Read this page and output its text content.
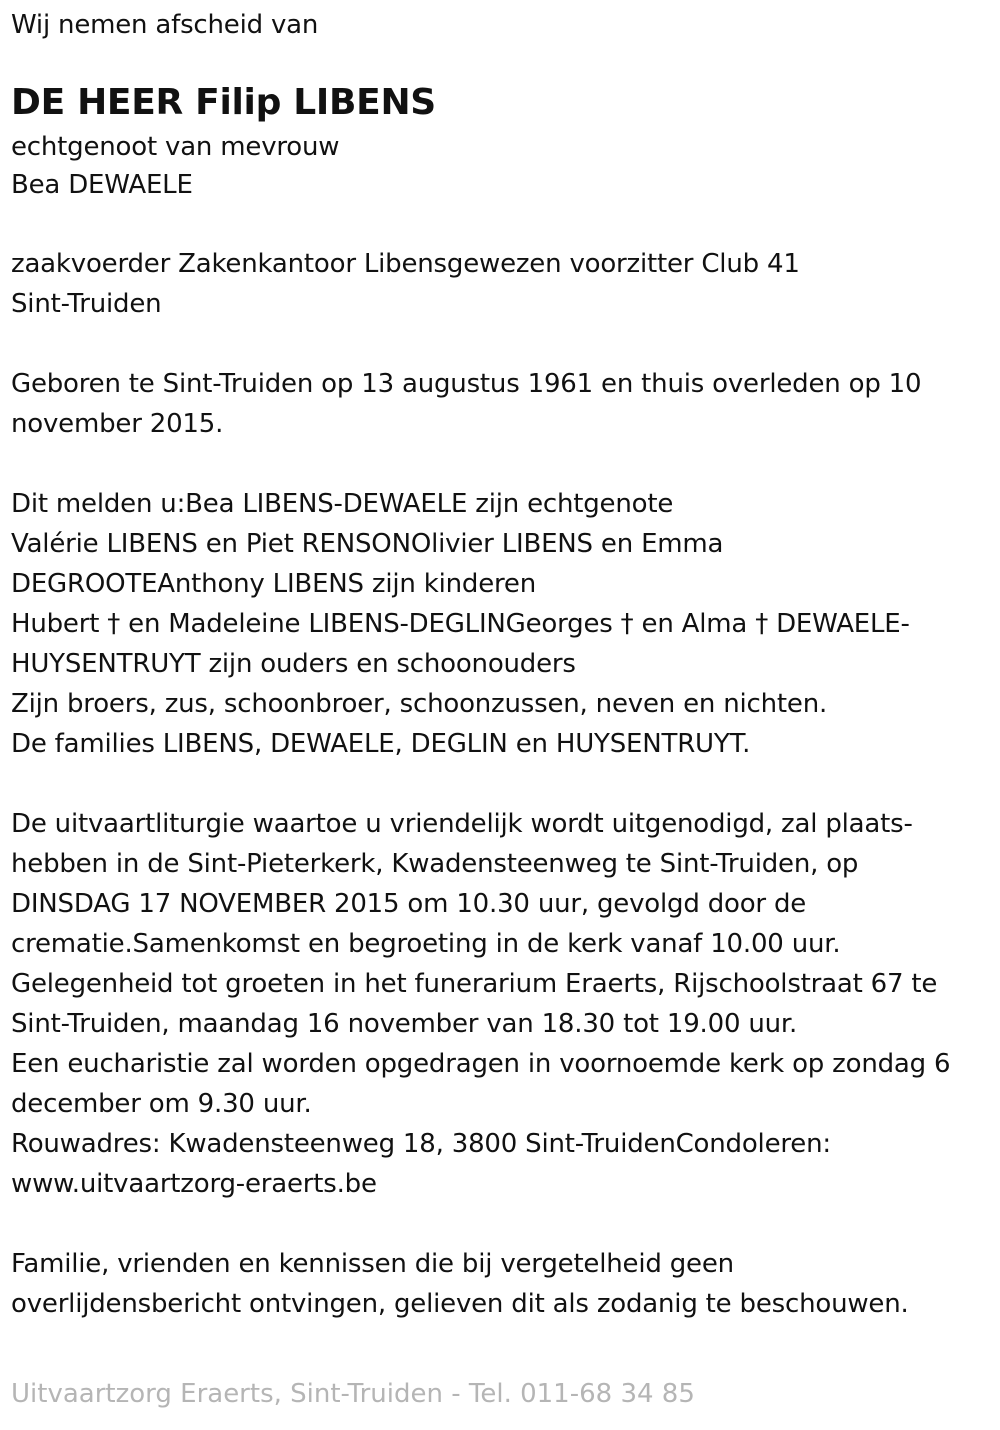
Wij nemen afscheid van
DE HEER Filip LIBENS
echtgenoot van mevrouw
Bea DEWAELE
zaakvoerder Zakenkantoor Libensgewezen voorzitter Club 41
Sint-Truiden
Geboren te Sint-Truiden op 13 augustus 1961 en thuis overleden op 10
november 2015.
Dit melden u:Bea LIBENS-DEWAELE zijn echtgenote
Valérie LIBENS en Piet RENSONOlivier LIBENS en Emma
DEGROOTEAnthony LIBENS zijn kinderen
Hubert † en Madeleine LIBENS-DEGLINGeorges † en Alma † DEWAELE-
HUYSENTRUYT zijn ouders en schoonouders
Zijn broers, zus, schoonbroer, schoonzussen, neven en nichten.
De families LIBENS, DEWAELE, DEGLIN en HUYSENTRUYT.
De uitvaartliturgie waartoe u vriendelijk wordt uitgenodigd, zal plaats-
hebben in de Sint-Pieterkerk, Kwadensteenweg te Sint-Truiden, op
DINSDAG 17 NOVEMBER 2015 om 10.30 uur, gevolgd door de
crematie.Samenkomst en begroeting in de kerk vanaf 10.00 uur.
Gelegenheid tot groeten in het funerarium Eraerts, Rijschoolstraat 67 te
Sint-Truiden, maandag 16 november van 18.30 tot 19.00 uur.
Een eucharistie zal worden opgedragen in voornoemde kerk op zondag 6
december om 9.30 uur.
Rouwadres: Kwadensteenweg 18, 3800 Sint-TruidenCondoleren:
www.uitvaartzorg-eraerts.be
Familie, vrienden en kennissen die bij vergetelheid geen
overlijdensbericht ontvingen, gelieven dit als zodanig te beschouwen.
Uitvaartzorg Eraerts, Sint-Truiden - Tel. 011-68 34 85
